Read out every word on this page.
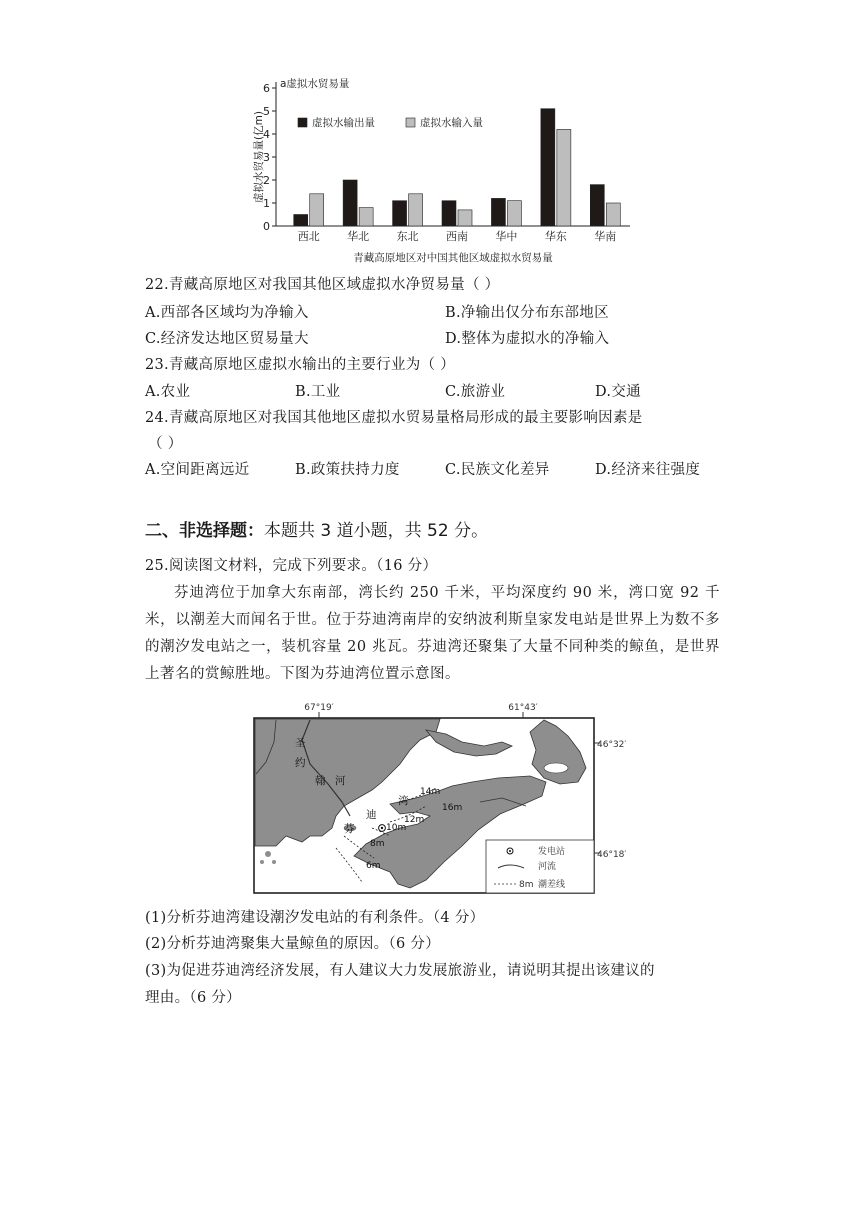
0
1
2
3
4
5
6 a虚拟水贸易量
虚拟水贸易量(亿m)
西北 华北 东北 西南 华中 华东 华南
青藏高原地区对中国其他区域虚拟水贸易量
虚拟水输出量	虚拟水输入量
22.青藏高原地区对我国其他区域虚拟水净贸易量（ ）
A.西部各区域均为净输入	B.净输出仅分布东部地区
C.经济发达地区贸易量大	D.整体为虚拟水的净输入
23.青藏高原地区虚拟水输出的主要行业为（ ）
A.农业	B.工业	C.旅游业	D.交通
24.青藏高原地区对我国其他地区虚拟水贸易量格局形成的最主要影响因素是
（ ）
A.空间距离远近	B.政策扶持力度	C.民族文化差异	D.经济来往强度
二、非选择题：本题共 3 道小题，共 52 分。
25.阅读图文材料，完成下列要求。（16 分）
芬迪湾位于加拿大东南部，湾长约 250 千米，平均深度约 90 米，湾口宽 92 千米，以潮差大而闻名于世。位于芬迪湾南岸的安纳波利斯皇家发电站是世界上为数不多的潮汐发电站之一，装机容量 20 兆瓦。芬迪湾还聚集了大量不同种类的鲸鱼，是世界上著名的赏鲸胜地。下图为芬迪湾位置示意图。
67°19′	61°43′
46°32′
46°18′
圣
约
翰 河
芬
迪
湾
14m
16m
12m
10m
8m
6m
发电站
河流
8m 潮差线
(1)分析芬迪湾建设潮汐发电站的有利条件。（4 分）
(2)分析芬迪湾聚集大量鲸鱼的原因。（6 分）
(3)为促进芬迪湾经济发展，有人建议大力发展旅游业，请说明其提出该建议的
理由。（6 分）
